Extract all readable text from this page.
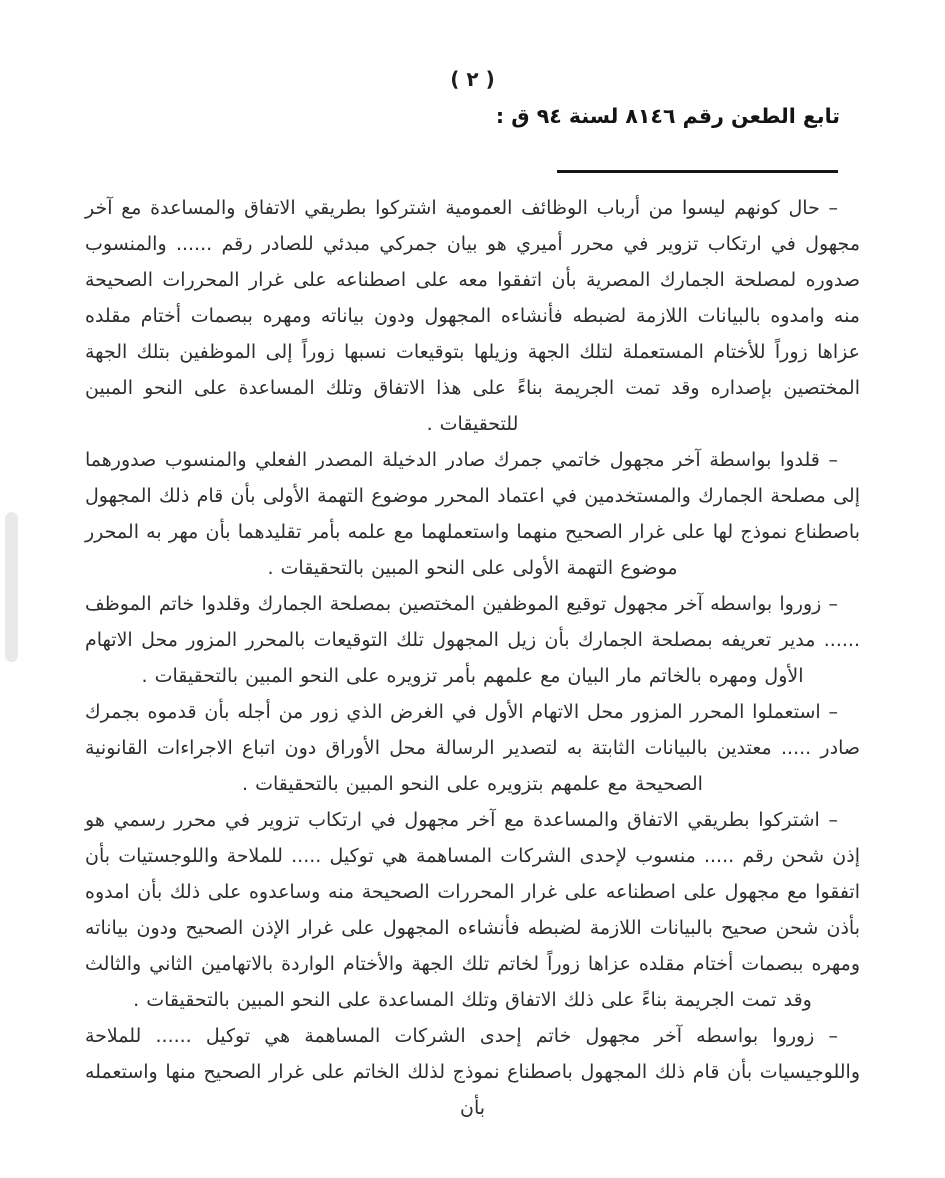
( ٢ )
تابع الطعن رقم ٨١٤٦ لسنة ٩٤ ق :

– حال كونهم ليسوا من أرباب الوظائف العمومية اشتركوا بطريقي الاتفاق والمساعدة مع آخر مجهول في ارتكاب تزوير في محرر أميري هو بيان جمركي مبدئي للصادر رقم ...... والمنسوب صدوره لمصلحة الجمارك المصرية بأن اتفقوا معه على اصطناعه على غرار المحررات الصحيحة منه وامدوه بالبيانات اللازمة لضبطه فأنشاءه المجهول ودون بياناته ومهره ببصمات أختام مقلده عزاها زوراً للأختام المستعملة لتلك الجهة وزيلها بتوقيعات نسبها زوراً إلى الموظفين بتلك الجهة المختصين بإصداره وقد تمت الجريمة بناءً على هذا الاتفاق وتلك المساعدة على النحو المبين للتحقيقات .

– قلدوا بواسطة آخر مجهول خاتمي جمرك صادر الدخيلة المصدر الفعلي والمنسوب صدورهما إلى مصلحة الجمارك والمستخدمين في اعتماد المحرر موضوع التهمة الأولى بأن قام ذلك المجهول باصطناع نموذج لها على غرار الصحيح منهما واستعملهما مع علمه بأمر تقليدهما بأن مهر به المحرر موضوع التهمة الأولى على النحو المبين بالتحقيقات .

– زوروا بواسطه آخر مجهول توقيع الموظفين المختصين بمصلحة الجمارك وقلدوا خاتم الموظف ...... مدير تعريفه بمصلحة الجمارك بأن زيل المجهول تلك التوقيعات بالمحرر المزور محل الاتهام الأول ومهره بالخاتم مار البيان مع علمهم بأمر تزويره على النحو المبين بالتحقيقات .

– استعملوا المحرر المزور محل الاتهام الأول في الغرض الذي زور من أجله بأن قدموه بجمرك صادر ..... معتدين بالبيانات الثابتة به لتصدير الرسالة محل الأوراق دون اتباع الاجراءات القانونية الصحيحة مع علمهم بتزويره على النحو المبين بالتحقيقات .

– اشتركوا بطريقي الاتفاق والمساعدة مع آخر مجهول في ارتكاب تزوير في محرر رسمي هو إذن شحن رقم ..... منسوب لإحدى الشركات المساهمة هي توكيل ..... للملاحة واللوجستيات بأن اتفقوا مع مجهول على اصطناعه على غرار المحررات الصحيحة منه وساعدوه على ذلك بأن امدوه بأذن شحن صحيح بالبيانات اللازمة لضبطه فأنشاءه المجهول على غرار الإذن الصحيح ودون بياناته ومهره ببصمات أختام مقلده عزاها زوراً لخاتم تلك الجهة والأختام الواردة بالاتهامين الثاني والثالث وقد تمت الجريمة بناءً على ذلك الاتفاق وتلك المساعدة على النحو المبين بالتحقيقات .

– زوروا بواسطه آخر مجهول خاتم إحدى الشركات المساهمة هي توكيل ...... للملاحة واللوجيسيات بأن قام ذلك المجهول باصطناع نموذج لذلك الخاتم على غرار الصحيح منها واستعمله بأن
